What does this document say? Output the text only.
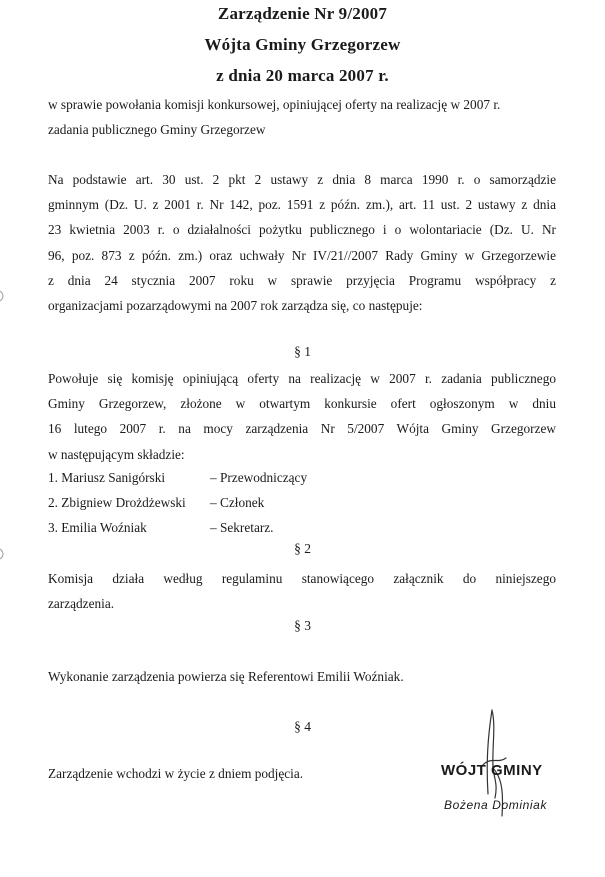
Zarządzenie Nr 9/2007
Wójta Gminy Grzegorzew
z dnia 20 marca 2007 r.
w sprawie powołania komisji konkursowej, opiniującej oferty na realizację w 2007 r.
zadania publicznego Gminy Grzegorzew
Na podstawie art. 30 ust. 2 pkt 2 ustawy z dnia 8 marca 1990 r. o samorządzie
gminnym (Dz. U. z 2001 r. Nr 142, poz. 1591 z późn. zm.), art. 11 ust. 2 ustawy z dnia
23 kwietnia 2003 r. o działalności pożytku publicznego i o wolontariacie (Dz. U. Nr
96, poz. 873 z późn. zm.) oraz uchwały Nr IV/21//2007 Rady Gminy w Grzegorzewie
z dnia 24 stycznia 2007 roku w sprawie przyjęcia Programu współpracy z
organizacjami pozarządowymi na 2007 rok zarządza się, co następuje:
§ 1
Powołuje się komisję opiniującą oferty na realizację w 2007 r. zadania publicznego
Gminy Grzegorzew, złożone w otwartym konkursie ofert ogłoszonym w dniu
16 lutego 2007 r. na mocy zarządzenia Nr 5/2007 Wójta Gminy Grzegorzew
w następującym składzie:
1. Mariusz Sanigórski	– Przewodniczący
2. Zbigniew Drożdżewski – Członek
3. Emilia Woźniak	– Sekretarz.
§ 2
Komisja działa według regulaminu stanowiącego załącznik do niniejszego
zarządzenia.
§ 3
Wykonanie zarządzenia powierza się Referentowi Emilii Woźniak.
§ 4
Zarządzenie wchodzi w życie z dniem podjęcia.	WÓJT GMINY
Bożena Dominiak
